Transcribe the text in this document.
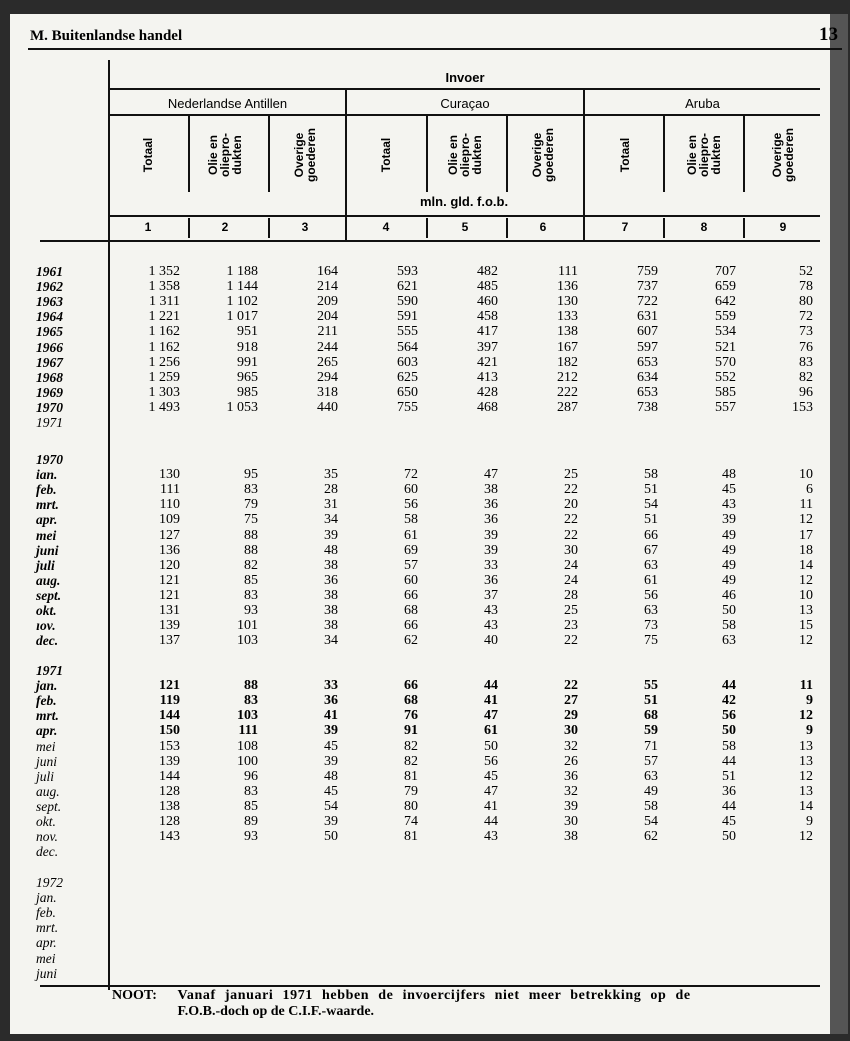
M. Buitenlandse handel	13
Invoer
Nederlandse Antillen	Curaçao	Aruba
Totaal	Olie en
oliepro-
dukten	Overige
goederen	Totaal	Olie en
oliepro-
dukten	Overige
goederen	Totaal	Olie en
oliepro-
dukten	Overige
goederen
mln. gld. f.o.b.
1	2	3	4	5	6	7	8	9
1961	1 352	1 188	164	593	482	111	759	707	52
1962	1 358	1 144	214	621	485	136	737	659	78
1963	1 311	1 102	209	590	460	130	722	642	80
1964	1 221	1 017	204	591	458	133	631	559	72
1965	1 162	951	211	555	417	138	607	534	73
1966	1 162	918	244	564	397	167	597	521	76
1967	1 256	991	265	603	421	182	653	570	83
1968	1 259	965	294	625	413	212	634	552	82
1969	1 303	985	318	650	428	222	653	585	96
1970	1 493	1 053	440	755	468	287	738	557	153
1971
1970
ian.	130	95	35	72	47	25	58	48	10
feb.	111	83	28	60	38	22	51	45	6
mrt.	110	79	31	56	36	20	54	43	11
apr.	109	75	34	58	36	22	51	39	12
mei	127	88	39	61	39	22	66	49	17
juni	136	88	48	69	39	30	67	49	18
juli	120	82	38	57	33	24	63	49	14
aug.	121	85	36	60	36	24	61	49	12
sept.	121	83	38	66	37	28	56	46	10
okt.	131	93	38	68	43	25	63	50	13
ɪov.	139	101	38	66	43	23	73	58	15
dec.	137	103	34	62	40	22	75	63	12
1971
jan.	121	88	33	66	44	22	55	44	11
feb.	119	83	36	68	41	27	51	42	9
mrt.	144	103	41	76	47	29	68	56	12
apr.	150	111	39	91	61	30	59	50	9
mei	153	108	45	82	50	32	71	58	13
juni	139	100	39	82	56	26	57	44	13
juli	144	96	48	81	45	36	63	51	12
aug.	128	83	45	79	47	32	49	36	13
sept.	138	85	54	80	41	39	58	44	14
okt.	128	89	39	74	44	30	54	45	9
nov.	143	93	50	81	43	38	62	50	12
dec.
1972
jan.
feb.
mrt.
apr.
mei
juni
NOOT: Vanaf januari 1971 hebben de invoercijfers niet meer betrekking op de
F.O.B.-doch op de C.I.F.-waarde.
